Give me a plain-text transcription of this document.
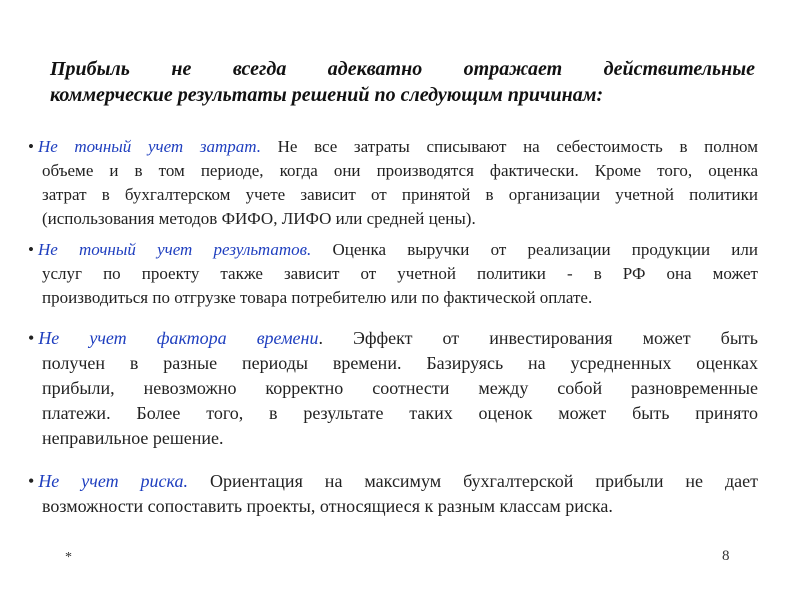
Прибыль не всегда адекватно отражает действительные
коммерческие результаты решений по следующим причинам:
• Не точный учет затрат. Не все затраты списывают на себестоимость в полном
объеме и в том периоде, когда они производятся фактически. Кроме того, оценка
затрат в бухгалтерском учете зависит от принятой в организации учетной политики
(использования методов ФИФО, ЛИФО или средней цены).
• Не точный учет результатов. Оценка выручки от реализации продукции или
услуг по проекту также зависит от учетной политики - в РФ она может
производиться по отгрузке товара потребителю или по фактической оплате.
• Не учет фактора времени. Эффект от инвестирования может быть
получен в разные периоды времени. Базируясь на усредненных оценках
прибыли, невозможно корректно соотнести между собой разновременные
платежи. Более того, в результате таких оценок может быть принято
неправильное решение.
• Не учет риска. Ориентация на максимум бухгалтерской прибыли не дает
возможности сопоставить проекты, относящиеся к разным классам риска.
*	8
